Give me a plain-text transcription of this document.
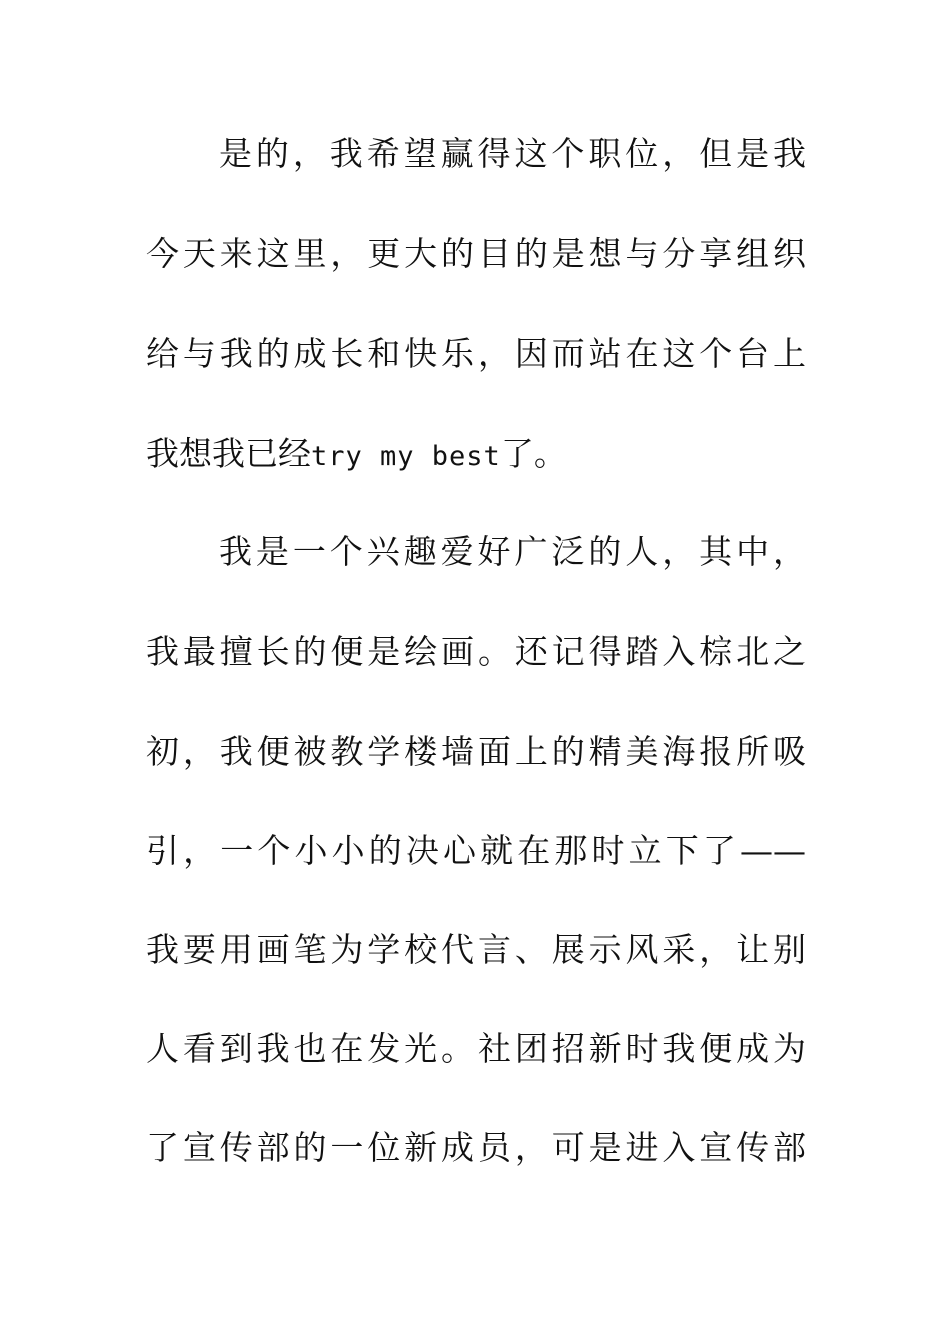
是的，我希望赢得这个职位，但是我
今天来这里，更大的目的是想与分享组织
给与我的成长和快乐，因而站在这个台上
我想我已经try my best了。
我是一个兴趣爱好广泛的人，其中，
我最擅长的便是绘画。还记得踏入棕北之
初，我便被教学楼墙面上的精美海报所吸
引，一个小小的决心就在那时立下了——
我要用画笔为学校代言、展示风采，让别
人看到我也在发光。社团招新时我便成为
了宣传部的一位新成员，可是进入宣传部
